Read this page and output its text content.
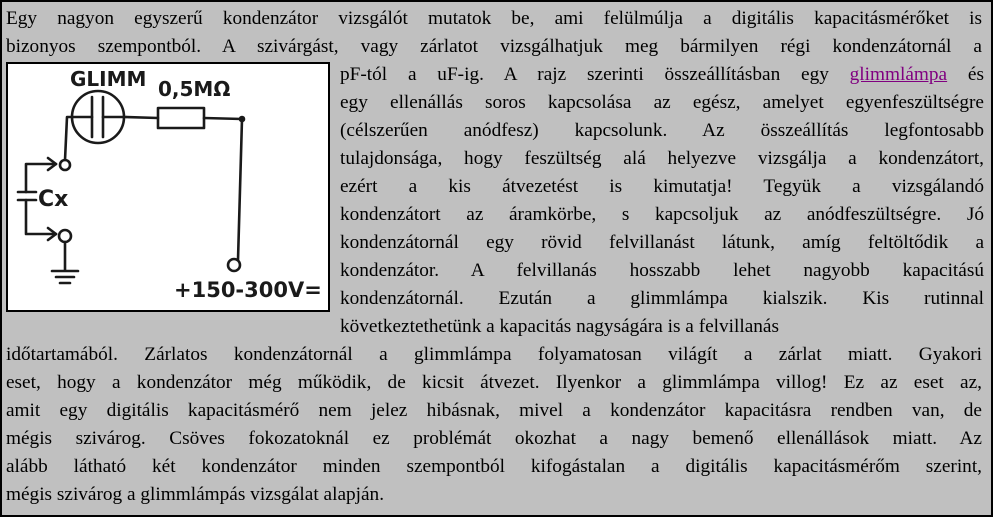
Egy nagyon egyszerű kondenzátor vizsgálót mutatok be, ami felülmúlja a digitális kapacitásmérőket is
bizonyos szempontból. A szivárgást, vagy zárlatot vizsgálhatjuk meg bármilyen régi kondenzátornál a
pF-tól a uF-ig. A rajz szerinti összeállításban egy glimmlámpa és
egy ellenállás soros kapcsolása az egész, amelyet egyenfeszültségre
(célszerűen anódfesz) kapcsolunk. Az összeállítás legfontosabb
tulajdonsága, hogy feszültség alá helyezve vizsgálja a kondenzátort,
ezért a kis átvezetést is kimutatja! Tegyük a vizsgálandó
kondenzátort az áramkörbe, s kapcsoljuk az anódfeszültségre. Jó
kondenzátornál egy rövid felvillanást látunk, amíg feltöltődik a
kondenzátor. A felvillanás hosszabb lehet nagyobb kapacitású
kondenzátornál. Ezután a glimmlámpa kialszik. Kis rutinnal
következtethetünk a kapacitás nagyságára is a felvillanás
időtartamából. Zárlatos kondenzátornál a glimmlámpa folyamatosan világít a zárlat miatt. Gyakori
eset, hogy a kondenzátor még működik, de kicsit átvezet. Ilyenkor a glimmlámpa villog! Ez az eset az,
amit egy digitális kapacitásmérő nem jelez hibásnak, mivel a kondenzátor kapacitásra rendben van, de
mégis szivárog. Csöves fokozatoknál ez problémát okozhat a nagy bemenő ellenállások miatt. Az
alább látható két kondenzátor minden szempontból kifogástalan a digitális kapacitásmérőm szerint,
mégis szivárog a glimmlámpás vizsgálat alapján.
GLIMM 0,5MΩ
+150-300V=
Cx
